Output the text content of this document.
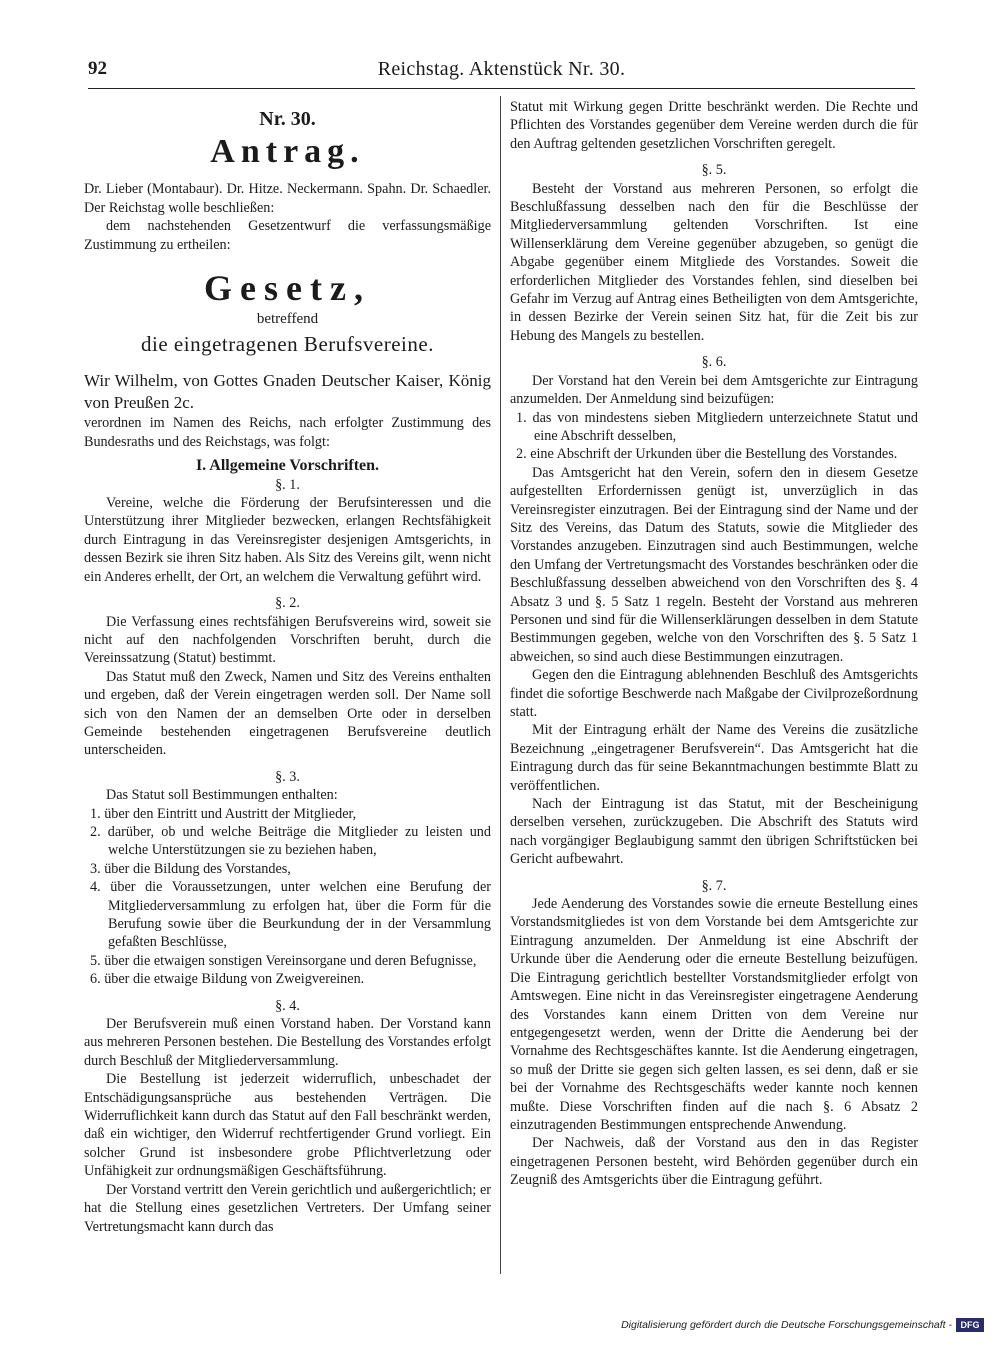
92	Reichstag. Aktenstück Nr. 30.

Nr. 30.

Antrag.

Dr. Lieber (Montabaur). Dr. Hitze. Neckermann. Spahn. Dr. Schaedler. Der Reichstag wolle beschließen:

dem nachstehenden Gesetzentwurf die verfassungsmäßige Zustimmung zu ertheilen:

Gesetz,

betreffend

die eingetragenen Berufsvereine.

Wir Wilhelm, von Gottes Gnaden Deutscher Kaiser, König von Preußen 2c.

verordnen im Namen des Reichs, nach erfolgter Zustimmung des Bundesraths und des Reichstags, was folgt:

I. Allgemeine Vorschriften.

§. 1.

Vereine, welche die Förderung der Berufsinteressen und die Unterstützung ihrer Mitglieder bezwecken, erlangen Rechtsfähigkeit durch Eintragung in das Vereinsregister desjenigen Amtsgerichts, in dessen Bezirk sie ihren Sitz haben. Als Sitz des Vereins gilt, wenn nicht ein Anderes erhellt, der Ort, an welchem die Verwaltung geführt wird.

§. 2.

Die Verfassung eines rechtsfähigen Berufsvereins wird, soweit sie nicht auf den nachfolgenden Vorschriften beruht, durch die Vereinssatzung (Statut) bestimmt.

Das Statut muß den Zweck, Namen und Sitz des Vereins enthalten und ergeben, daß der Verein eingetragen werden soll. Der Name soll sich von den Namen der an demselben Orte oder in derselben Gemeinde bestehenden eingetragenen Berufsvereine deutlich unterscheiden.

§. 3.

Das Statut soll Bestimmungen enthalten:

1. über den Eintritt und Austritt der Mitglieder,

2. darüber, ob und welche Beiträge die Mitglieder zu leisten und welche Unterstützungen sie zu beziehen haben,

3. über die Bildung des Vorstandes,

4. über die Voraussetzungen, unter welchen eine Berufung der Mitgliederversammlung zu erfolgen hat, über die Form für die Berufung sowie über die Beurkundung der in der Versammlung gefaßten Beschlüsse,

5. über die etwaigen sonstigen Vereinsorgane und deren Befugnisse,

6. über die etwaige Bildung von Zweigvereinen.

§. 4.

Der Berufsverein muß einen Vorstand haben. Der Vorstand kann aus mehreren Personen bestehen. Die Bestellung des Vorstandes erfolgt durch Beschluß der Mitgliederversammlung.

Die Bestellung ist jederzeit widerruflich, unbeschadet der Entschädigungsansprüche aus bestehenden Verträgen. Die Widerruflichkeit kann durch das Statut auf den Fall beschränkt werden, daß ein wichtiger, den Widerruf rechtfertigender Grund vorliegt. Ein solcher Grund ist insbesondere grobe Pflichtverletzung oder Unfähigkeit zur ordnungsmäßigen Geschäftsführung.

Der Vorstand vertritt den Verein gerichtlich und außergerichtlich; er hat die Stellung eines gesetzlichen Vertreters. Der Umfang seiner Vertretungsmacht kann durch das

Statut mit Wirkung gegen Dritte beschränkt werden. Die Rechte und Pflichten des Vorstandes gegenüber dem Vereine werden durch die für den Auftrag geltenden gesetzlichen Vorschriften geregelt.

§. 5.

Besteht der Vorstand aus mehreren Personen, so erfolgt die Beschlußfassung desselben nach den für die Beschlüsse der Mitgliederversammlung geltenden Vorschriften. Ist eine Willenserklärung dem Vereine gegenüber abzugeben, so genügt die Abgabe gegenüber einem Mitgliede des Vorstandes. Soweit die erforderlichen Mitglieder des Vorstandes fehlen, sind dieselben bei Gefahr im Verzug auf Antrag eines Betheiligten von dem Amtsgerichte, in dessen Bezirke der Verein seinen Sitz hat, für die Zeit bis zur Hebung des Mangels zu bestellen.

§. 6.

Der Vorstand hat den Verein bei dem Amtsgerichte zur Eintragung anzumelden. Der Anmeldung sind beizufügen:

1. das von mindestens sieben Mitgliedern unterzeichnete Statut und eine Abschrift desselben,

2. eine Abschrift der Urkunden über die Bestellung des Vorstandes.

Das Amtsgericht hat den Verein, sofern den in diesem Gesetze aufgestellten Erfordernissen genügt ist, unverzüglich in das Vereinsregister einzutragen. Bei der Eintragung sind der Name und der Sitz des Vereins, das Datum des Statuts, sowie die Mitglieder des Vorstandes anzugeben. Einzutragen sind auch Bestimmungen, welche den Umfang der Vertretungsmacht des Vorstandes beschränken oder die Beschlußfassung desselben abweichend von den Vorschriften des §. 4 Absatz 3 und §. 5 Satz 1 regeln. Besteht der Vorstand aus mehreren Personen und sind für die Willenserklärungen desselben in dem Statute Bestimmungen gegeben, welche von den Vorschriften des §. 5 Satz 1 abweichen, so sind auch diese Bestimmungen einzutragen.

Gegen den die Eintragung ablehnenden Beschluß des Amtsgerichts findet die sofortige Beschwerde nach Maßgabe der Civilprozeßordnung statt.

Mit der Eintragung erhält der Name des Vereins die zusätzliche Bezeichnung „eingetragener Berufsverein“. Das Amtsgericht hat die Eintragung durch das für seine Bekanntmachungen bestimmte Blatt zu veröffentlichen.

Nach der Eintragung ist das Statut, mit der Bescheinigung derselben versehen, zurückzugeben. Die Abschrift des Statuts wird nach vorgängiger Beglaubigung sammt den übrigen Schriftstücken bei Gericht aufbewahrt.

§. 7.

Jede Aenderung des Vorstandes sowie die erneute Bestellung eines Vorstandsmitgliedes ist von dem Vorstande bei dem Amtsgerichte zur Eintragung anzumelden. Der Anmeldung ist eine Abschrift der Urkunde über die Aenderung oder die erneute Bestellung beizufügen. Die Eintragung gerichtlich bestellter Vorstandsmitglieder erfolgt von Amtswegen. Eine nicht in das Vereinsregister eingetragene Aenderung des Vorstandes kann einem Dritten von dem Vereine nur entgegengesetzt werden, wenn der Dritte die Aenderung bei der Vornahme des Rechtsgeschäftes kannte. Ist die Aenderung eingetragen, so muß der Dritte sie gegen sich gelten lassen, es sei denn, daß er sie bei der Vornahme des Rechtsgeschäfts weder kannte noch kennen mußte. Diese Vorschriften finden auf die nach §. 6 Absatz 2 einzutragenden Bestimmungen entsprechende Anwendung.

Der Nachweis, daß der Vorstand aus den in das Register eingetragenen Personen besteht, wird Behörden gegenüber durch ein Zeugniß des Amtsgerichts über die Eintragung geführt.

Digitalisierung gefördert durch die Deutsche Forschungsgemeinschaft - DFG
